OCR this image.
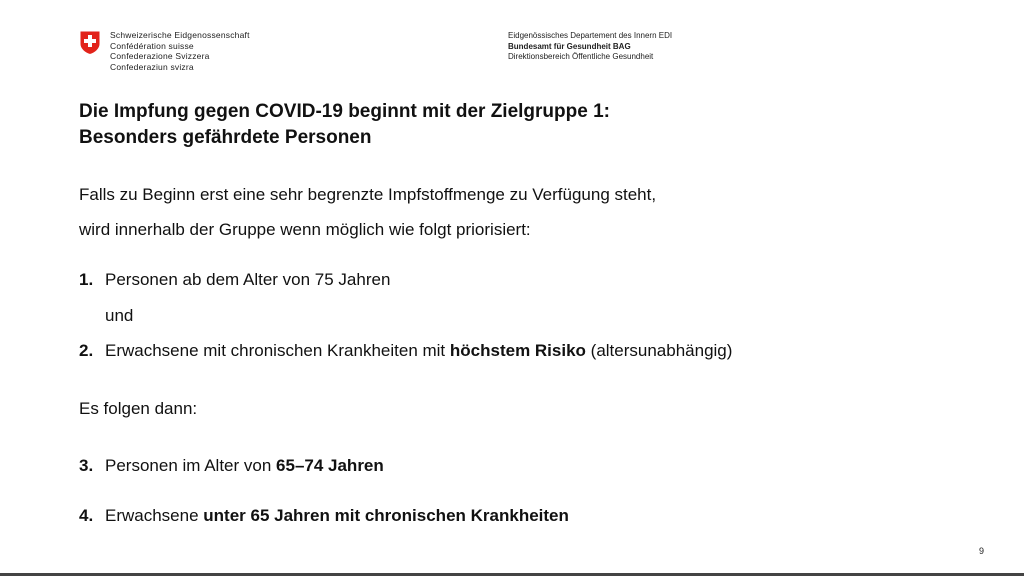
Schweizerische Eidgenossenschaft
Confédération suisse
Confederazione Svizzera
Confederaziun svizra
Eidgenössisches Departement des Innern EDI
Bundesamt für Gesundheit BAG
Direktionsbereich Öffentliche Gesundheit
Die Impfung gegen COVID-19 beginnt mit der Zielgruppe 1:
Besonders gefährdete Personen
Falls zu Beginn erst eine sehr begrenzte Impfstoffmenge zu Verfügung steht,
wird innerhalb der Gruppe wenn möglich wie folgt priorisiert:
1. Personen ab dem Alter von 75 Jahren
und
2. Erwachsene mit chronischen Krankheiten mit höchstem Risiko (altersunabhängig)
Es folgen dann:
3. Personen im Alter von 65–74 Jahren
4. Erwachsene unter 65 Jahren mit chronischen Krankheiten
9
